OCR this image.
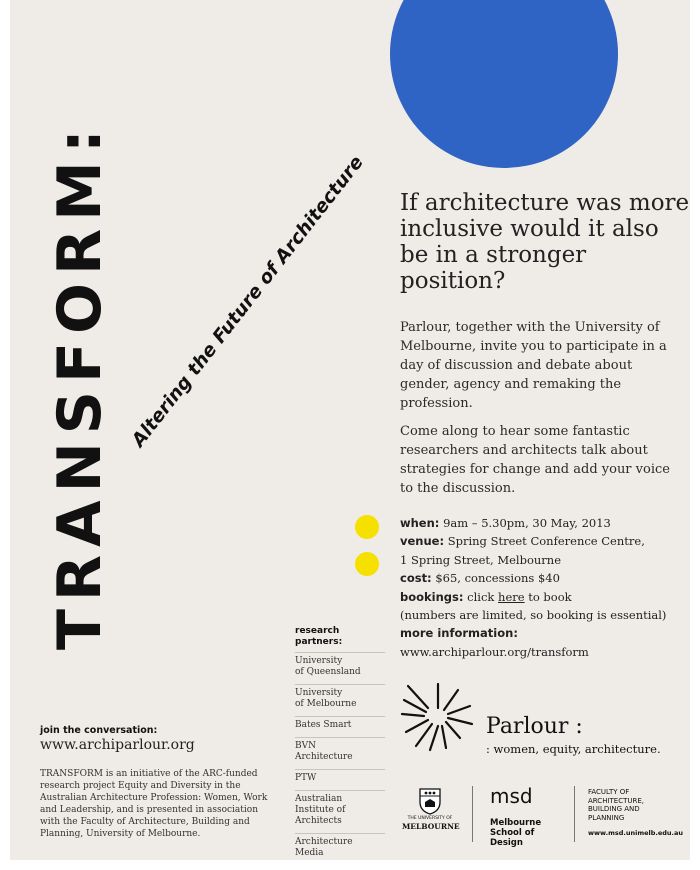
TRANSFORM: Altering the Future of Architecture If architecture was more inclusive would it also be in a stronger position?
Parlour, together with the University of Melbourne, invite you to participate in a day of discussion and debate about gender, agency and remaking the profession.
Come along to hear some fantastic researchers and architects talk about strategies for change and add your voice to the discussion.
when: 9am – 5.30pm, 30 May, 2013
venue: Spring Street Conference Centre,
1 Spring Street, Melbourne
cost: $65, concessions $40
bookings: click here to book
(numbers are limited, so booking is essential)
more information:
www.archiparlour.org/transform
research partners:
University
of Queensland
University
of Melbourne
Bates Smart
BVN
Architecture
PTW
Australian
Institute of
Architects
Architecture
Media
join the conversation:
www.archiparlour.org
TRANSFORM is an initiative of the ARC-funded research project Equity and Diversity in the Australian Architecture Profession: Women, Work and Leadership, and is presented in association with the Faculty of Architecture, Building and Planning, University of Melbourne.
Parlour :
: women, equity, architecture.
THE UNIVERSITY OF
MELBOURNE
msd
Melbourne School of Design
FACULTY OF ARCHITECTURE, BUILDING AND PLANNING
www.msd.unimelb.edu.au
